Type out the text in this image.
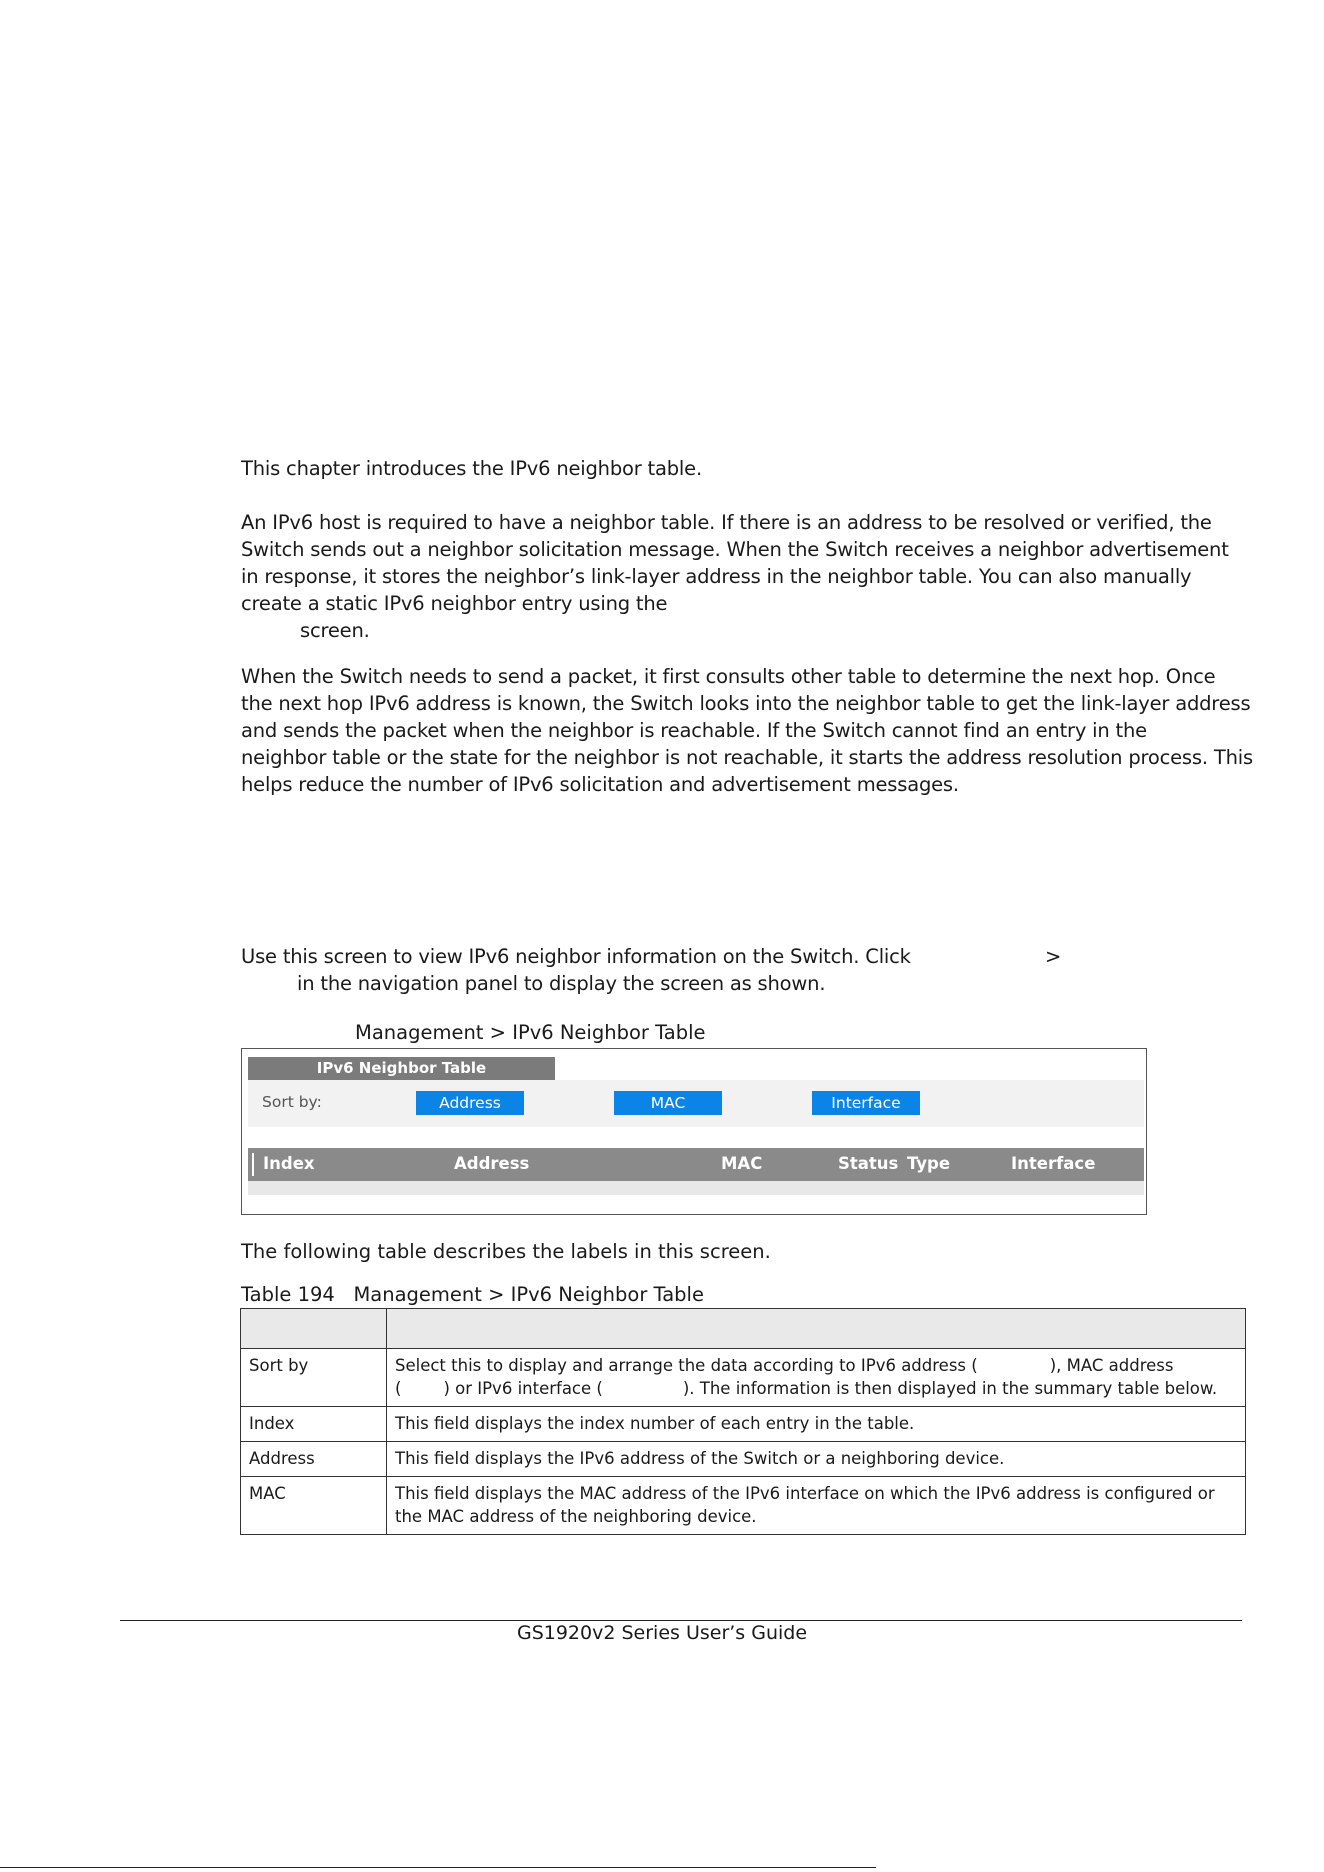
This chapter introduces the IPv6 neighbor table.

An IPv6 host is required to have a neighbor table. If there is an address to be resolved or verified, the
Switch sends out a neighbor solicitation message. When the Switch receives a neighbor advertisement
in response, it stores the neighbor’s link-layer address in the neighbor table. You can also manually
create a static IPv6 neighbor entry using the
screen.
When the Switch needs to send a packet, it first consults other table to determine the next hop. Once
the next hop IPv6 address is known, the Switch looks into the neighbor table to get the link-layer address
and sends the packet when the neighbor is reachable. If the Switch cannot find an entry in the
neighbor table or the state for the neighbor is not reachable, it starts the address resolution process. This
helps reduce the number of IPv6 solicitation and advertisement messages.
Use this screen to view IPv6 neighbor information on the Switch. Click	>
in the navigation panel to display the screen as shown.
Management > IPv6 Neighbor Table
IPv6 Neighbor Table
Sort by:	Address	MAC	Interface
Index	Address	MAC	Status Type	Interface
The following table describes the labels in this screen.
Table 194   Management > IPv6 Neighbor Table

Sort by	Select this to display and arrange the data according to IPv6 address ( ), MAC address
( ) or IPv6 interface ( ). The information is then displayed in the summary table below.
Index	This field displays the index number of each entry in the table.
Address	This field displays the IPv6 address of the Switch or a neighboring device.
MAC	This field displays the MAC address of the IPv6 interface on which the IPv6 address is configured or the MAC address of the neighboring device.
GS1920v2 Series User’s Guide
